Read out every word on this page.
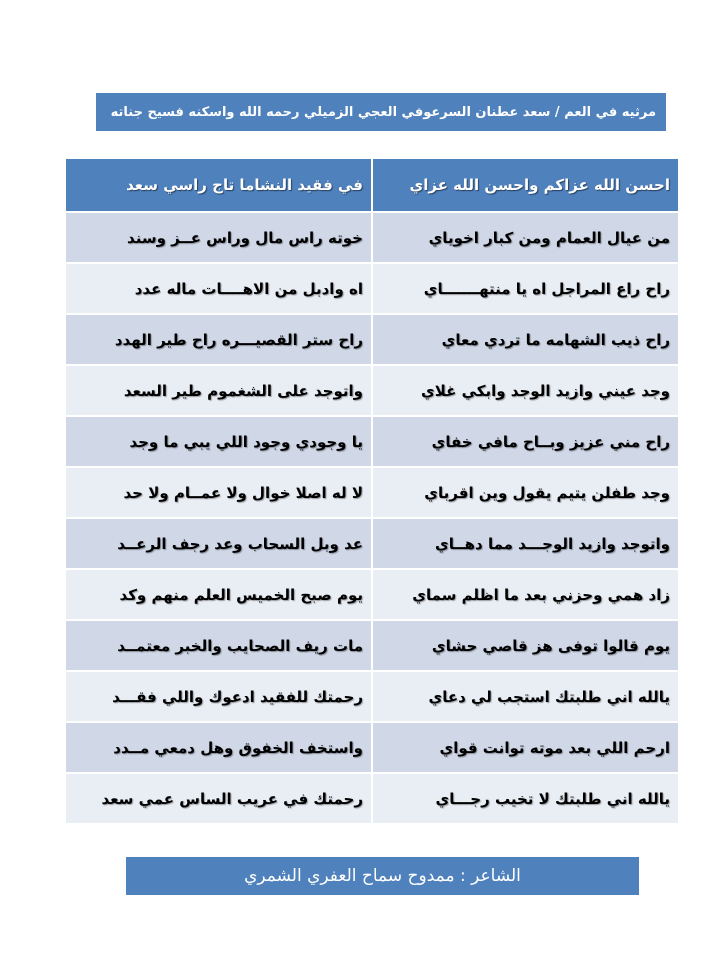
مرثيه في العم / سعد عطنان السرعوفي العجي الزميلي رحمه الله واسكنه فسيح جناته
احسن الله عزاكم واحسن الله عزاي	في فقيد النشاما تاج راسي سعد
من عيال العمام ومن كبار اخوياي	خوته راس مال وراس عــز وسند
راح راع المراجل اه يا منتهـــــــاي	اه وادبل من الاهــــات ماله عدد
راح ذيب الشهامه ما تردي معاي	راح ستر القصيـــره راح طير الهدد
وجد عيني وازيد الوجد وابكي غلاي	واتوجد على الشغموم طير السعد
راح مني عزيز وبــاح مافي خفاي	يا وجودي وجود اللي يبي ما وجد
وجد طفلن يتيم يقول وين اقرباي	لا له اصلا خوال ولا عمــام ولا حد
واتوجد وازيد الوجـــد مما دهــاي	عد وبل السحاب وعد رجف الرعــد
زاد همي وحزني بعد ما اظلم سماي	يوم صبح الخميس العلم منهم وكد
يوم قالوا توفى هز قاصي حشاي	مات ريف الصحايب والخبر معتمــد
يالله اني طلبتك استجب لي دعاي	رحمتك للفقيد ادعوك واللي فقـــد
ارحم اللي بعد موته توانت قواي	واستخف الخفوق وهل دمعي مــدد
يالله اني طلبتك لا تخيب رجـــاي	رحمتك في عريب الساس عمي سعد
الشاعر : ممدوح سماح العفري الشمري
